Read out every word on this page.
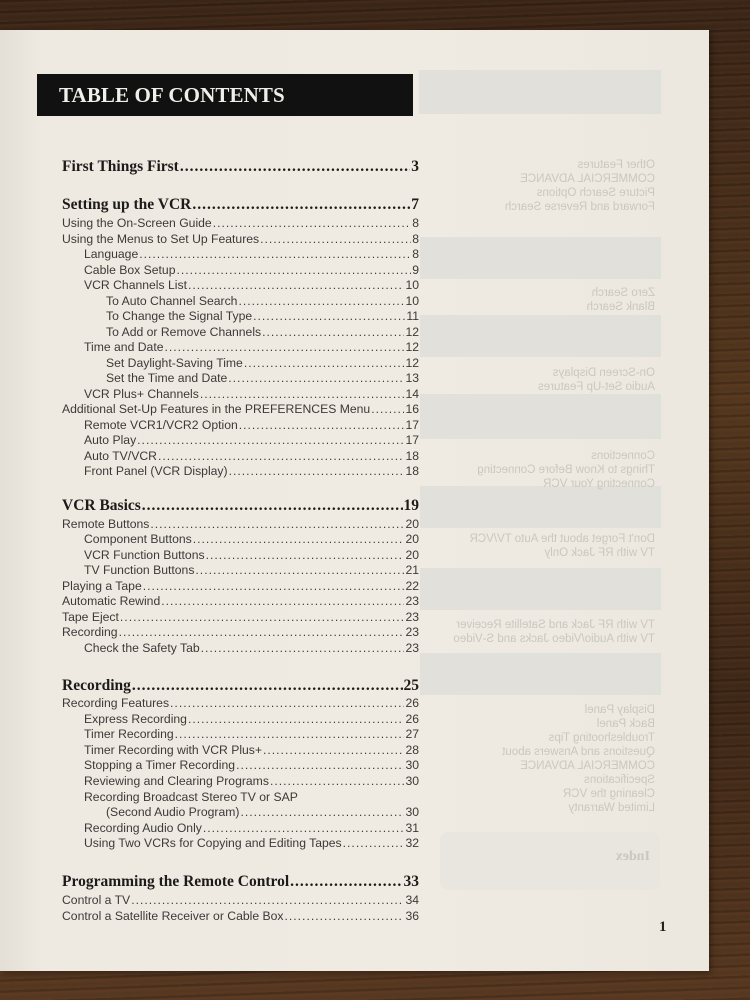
Other Features
COMMERCIAL ADVANCE
Picture Search Options
Forward and Reverse Search
Zero Search
Blank Search
On-Screen Displays
Audio Set-Up Features
Connections
Things to Know Before Connecting
Connecting Your VCR
Don't Forget about the Auto TV/VCR
TV with RF Jack Only
TV with RF Jack and Satellite Receiver
TV with Audio/Video Jacks and S-Video
Display Panel
Back Panel
Troubleshooting Tips
Questions and Answers about
COMMERCIAL ADVANCE
Specifications
Cleaning the VCR
Limited Warranty
Index
TABLE OF CONTENTS
First Things First .....	3
Setting up the VCR .....	7
Using the On-Screen Guide .....	8
Using the Menus to Set Up Features .....	8
Language .....	8
Cable Box Setup .....	9
VCR Channels List .....	10
To Auto Channel Search .....	10
To Change the Signal Type .....	11
To Add or Remove Channels .....	12
Time and Date .....	12
Set Daylight-Saving Time .....	12
Set the Time and Date .....	13
VCR Plus+ Channels .....	14
Additional Set-Up Features in the PREFERENCES Menu .....	16
Remote VCR1/VCR2 Option .....	17
Auto Play .....	17
Auto TV/VCR .....	18
Front Panel (VCR Display) .....	18
VCR Basics .....	19
Remote Buttons .....	20
Component Buttons .....	20
VCR Function Buttons .....	20
TV Function Buttons .....	21
Playing a Tape .....	22
Automatic Rewind .....	23
Tape Eject .....	23
Recording .....	23
Check the Safety Tab .....	23
Recording .....	25
Recording Features .....	26
Express Recording .....	26
Timer Recording .....	27
Timer Recording with VCR Plus+ .....	28
Stopping a Timer Recording .....	30
Reviewing and Clearing Programs .....	30
Recording Broadcast Stereo TV or SAP
(Second Audio Program) .....	30
Recording Audio Only .....	31
Using Two VCRs for Copying and Editing Tapes .....	32
Programming the Remote Control .....	33
Control a TV .....	34
Control a Satellite Receiver or Cable Box .....	36
1
